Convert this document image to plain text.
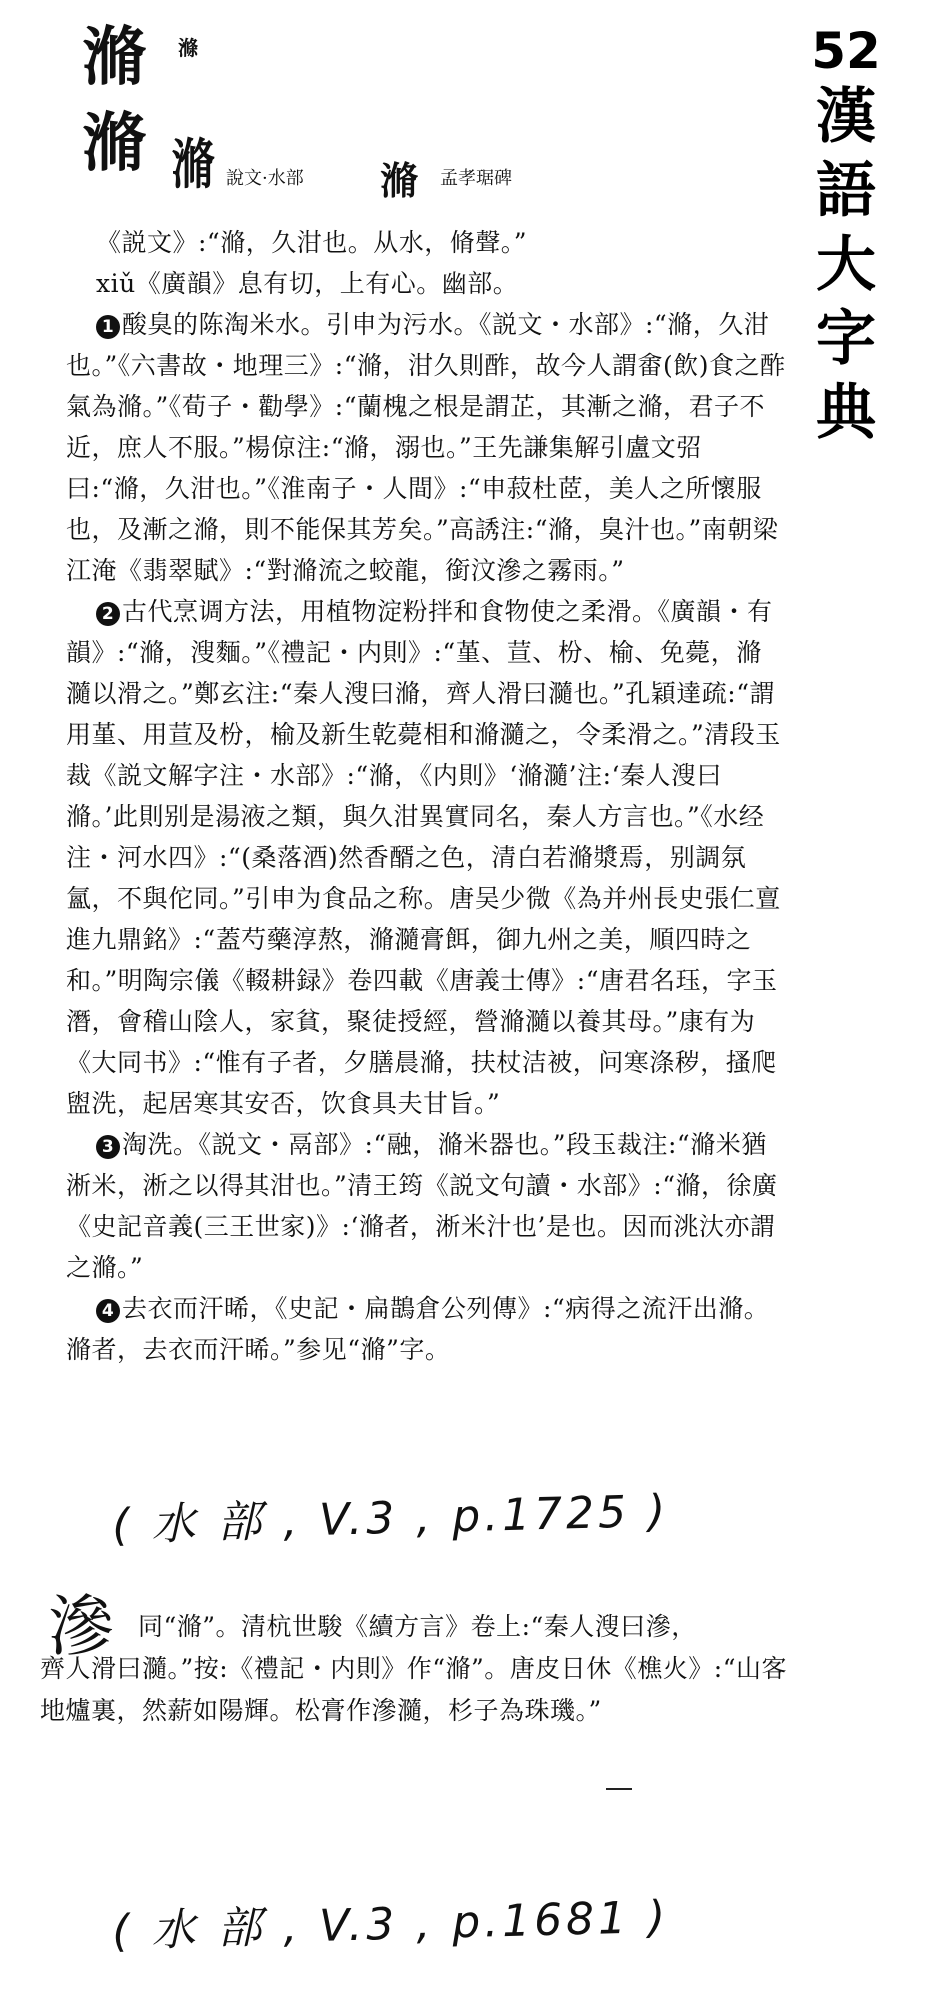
52
漢
語
大
字
典
滫 滌
滫 滫 說文·水部 滫 孟孝琚碑

《説文》:“滫，久泔也。从水，脩聲。”

xiǔ《廣韻》息有切，上有心。幽部。

1 酸臭的陈淘米水。引申为污水。《説文・水部》:“滫，久泔也。”《六書故・地理三》:“滫，泔久則酢，故今人謂畬(飲)食之酢氣為滫。”《荀子・勸學》:“蘭槐之根是謂芷，其漸之滫，君子不近，庶人不服。”楊倞注:“滫，溺也。”王先謙集解引盧文弨曰:“滫，久泔也。”《淮南子・人間》:“申菽杜茝，美人之所懷服也，及漸之滫，則不能保其芳矣。”高誘注:“滫，臭汁也。”南朝梁江淹《翡翠賦》:“對滫流之蛟龍，銜汶滲之霧雨。”

2 古代烹调方法，用植物淀粉拌和食物使之柔滑。《廣韻・有韻》:“滫，溲麵。”《禮記・内則》:“堇、荁、枌、榆、免薨，滫瀡以滑之。”鄭玄注:“秦人溲曰滫，齊人滑曰瀡也。”孔穎達疏:“謂用堇、用荁及枌，榆及新生乾薨相和滫瀡之，令柔滑之。”清段玉裁《説文解字注・水部》:“滫，《内則》‘滫瀡’注:‘秦人溲曰滫。’此則别是湯液之類，與久泔異實同名，秦人方言也。”《水经注・河水四》:“(桑落酒)然香醑之色，清白若滫漿焉，别調氛氳，不與佗同。”引申为食品之称。唐吴少微《為并州長史張仁亶進九鼎銘》:“蓋芍藥淳熬，滫瀡膏餌，御九州之美，順四時之和。”明陶宗儀《輟耕録》卷四載《唐義士傳》:“唐君名珏，字玉潛，會稽山陰人，家貧，聚徒授經，營滫瀡以養其母。”康有为《大同书》:“惟有子者，夕膳晨滫，扶杖洁被，问寒涤秽，搔爬盥洗，起居寒其安否，饮食具夫甘旨。”

3 淘洗。《説文・鬲部》:“融，滫米器也。”段玉裁注:“滫米猶淅米，淅之以得其泔也。”清王筠《説文句讀・水部》:“滫，徐廣《史記音義(三王世家)》:‘滫者，淅米汁也’是也。因而洮汏亦謂之滫。”

4 去衣而汗晞，《史記・扁鵲倉公列傳》:“病得之流汗出滫。滫者，去衣而汗晞。”参见“滫”字。

( 水 部 , V.3 , p.1725 )
滲 同“滫”。清杭世駿《續方言》卷上:“秦人溲曰滲，
齊人滑曰瀡。”按:《禮記・内則》作“滫”。唐皮日休《樵火》:“山客地爐裏，然薪如陽輝。松膏作滲瀡，杉子為珠璣。”
( 水 部 , V.3 , p.1681 )
